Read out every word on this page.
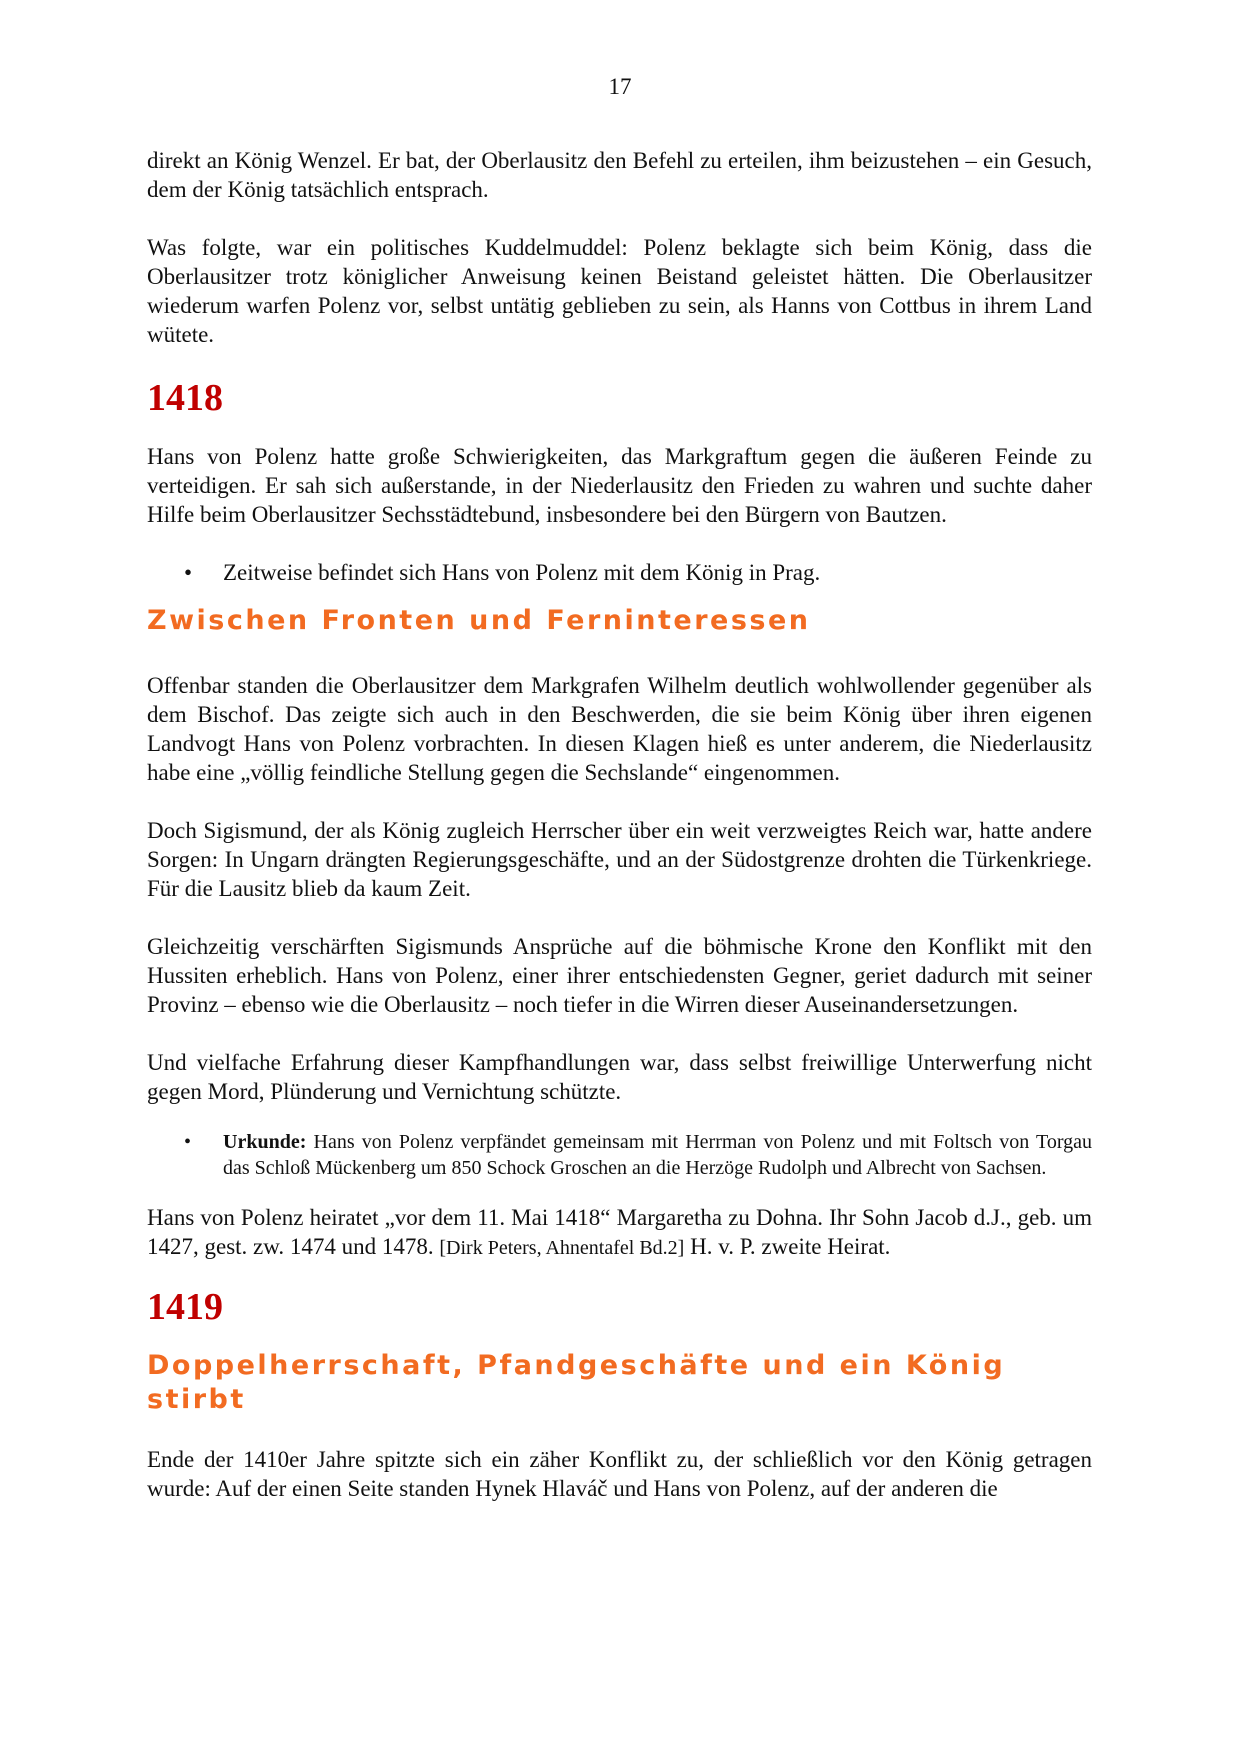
17

direkt an König Wenzel. Er bat, der Oberlausitz den Befehl zu erteilen, ihm beizustehen – ein Gesuch, dem der König tatsächlich entsprach.

Was folgte, war ein politisches Kuddelmuddel: Polenz beklagte sich beim König, dass die Oberlausitzer trotz königlicher Anweisung keinen Beistand geleistet hätten. Die Oberlausitzer wiederum warfen Polenz vor, selbst untätig geblieben zu sein, als Hanns von Cottbus in ihrem Land wütete.

1418

Hans von Polenz hatte große Schwierigkeiten, das Markgraftum gegen die äußeren Feinde zu verteidigen. Er sah sich außerstande, in der Niederlausitz den Frieden zu wahren und suchte daher Hilfe beim Oberlausitzer Sechsstädtebund, insbesondere bei den Bürgern von Bautzen.

• Zeitweise befindet sich Hans von Polenz mit dem König in Prag.
Zwischen Fronten und Ferninteressen

Offenbar standen die Oberlausitzer dem Markgrafen Wilhelm deutlich wohlwollender gegenüber als dem Bischof. Das zeigte sich auch in den Beschwerden, die sie beim König über ihren eigenen Landvogt Hans von Polenz vorbrachten. In diesen Klagen hieß es unter anderem, die Niederlausitz habe eine „völlig feindliche Stellung gegen die Sechslande“ eingenommen.

Doch Sigismund, der als König zugleich Herrscher über ein weit verzweigtes Reich war, hatte andere Sorgen: In Ungarn drängten Regierungsgeschäfte, und an der Südostgrenze drohten die Türkenkriege. Für die Lausitz blieb da kaum Zeit.

Gleichzeitig verschärften Sigismunds Ansprüche auf die böhmische Krone den Konflikt mit den Hussiten erheblich. Hans von Polenz, einer ihrer entschiedensten Gegner, geriet dadurch mit seiner Provinz – ebenso wie die Oberlausitz – noch tiefer in die Wirren dieser Auseinandersetzungen.

Und vielfache Erfahrung dieser Kampfhandlungen war, dass selbst freiwillige Unterwerfung nicht gegen Mord, Plünderung und Vernichtung schützte.

• Urkunde: Hans von Polenz verpfändet gemeinsam mit Herrman von Polenz und mit Foltsch von Torgau das Schloß Mückenberg um 850 Schock Groschen an die Herzöge Rudolph und Albrecht von Sachsen.

Hans von Polenz heiratet „vor dem 11. Mai 1418“ Margaretha zu Dohna. Ihr Sohn Jacob d.J., geb. um 1427, gest. zw. 1474 und 1478. [Dirk Peters, Ahnentafel Bd.2] H. v. P. zweite Heirat.

1419
Doppelherrschaft, Pfandgeschäfte und ein König stirbt

Ende der 1410er Jahre spitzte sich ein zäher Konflikt zu, der schließlich vor den König getragen wurde: Auf der einen Seite standen Hynek Hlaváč und Hans von Polenz, auf der anderen die
